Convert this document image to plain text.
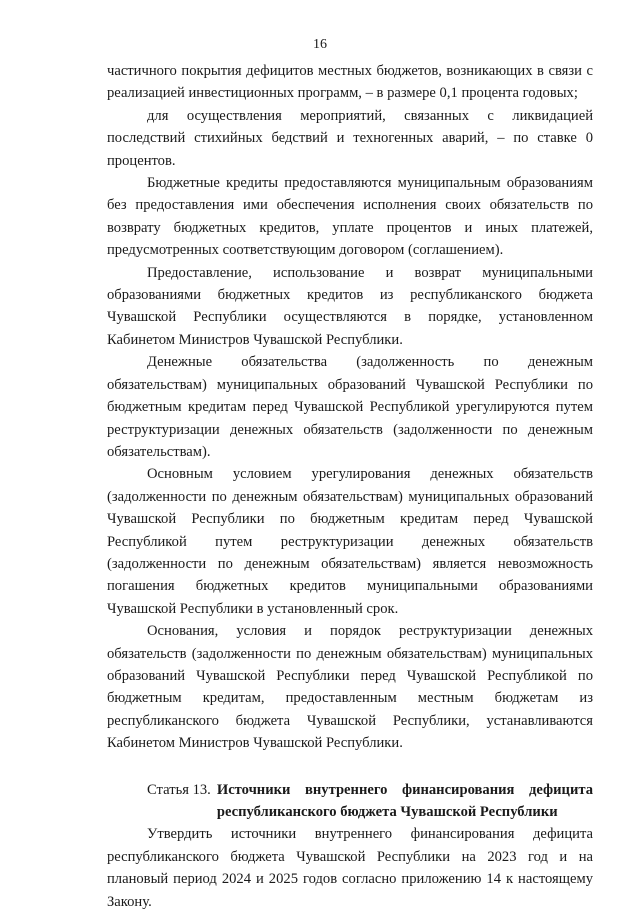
16

частичного покрытия дефицитов местных бюджетов, возникающих в связи с реализацией инвестиционных программ, – в размере 0,1 процента годовых;

для осуществления мероприятий, связанных с ликвидацией последствий стихийных бедствий и техногенных аварий, – по ставке 0 процентов.

Бюджетные кредиты предоставляются муниципальным образованиям без предоставления ими обеспечения исполнения своих обязательств по возврату бюджетных кредитов, уплате процентов и иных платежей, предусмотренных соответствующим договором (соглашением).

Предоставление, использование и возврат муниципальными образованиями бюджетных кредитов из республиканского бюджета Чувашской Республики осуществляются в порядке, установленном Кабинетом Министров Чувашской Республики.

Денежные обязательства (задолженность по денежным обязательствам) муниципальных образований Чувашской Республики по бюджетным кредитам перед Чувашской Республикой урегулируются путем реструктуризации денежных обязательств (задолженности по денежным обязательствам).

Основным условием урегулирования денежных обязательств (задолженности по денежным обязательствам) муниципальных образований Чувашской Республики по бюджетным кредитам перед Чувашской Республикой путем реструктуризации денежных обязательств (задолженности по денежным обязательствам) является невозможность погашения бюджетных кредитов муниципальными образованиями Чувашской Республики в установленный срок.

Основания, условия и порядок реструктуризации денежных обязательств (задолженности по денежным обязательствам) муниципальных образований Чувашской Республики перед Чувашской Республикой по бюджетным кредитам, предоставленным местным бюджетам из республиканского бюджета Чувашской Республики, устанавливаются Кабинетом Министров Чувашской Республики.

Статья 13. Источники внутреннего финансирования дефицита
республиканского бюджета Чувашской Республики

Утвердить источники внутреннего финансирования дефицита республиканского бюджета Чувашской Республики на 2023 год и на плановый период 2024 и 2025 годов согласно приложению 14 к настоящему Закону.
